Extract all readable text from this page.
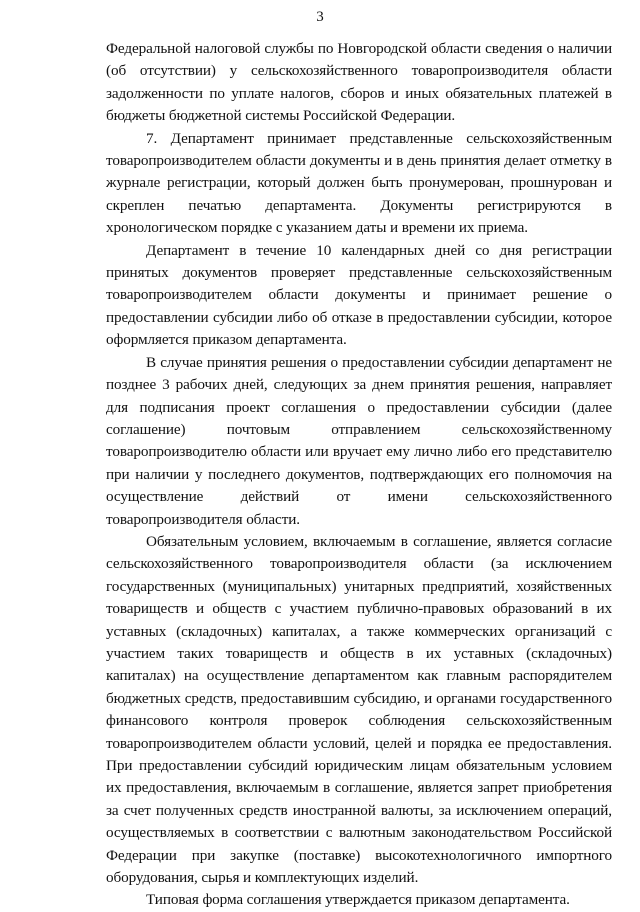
3

Федеральной налоговой службы по Новгородской области сведения о наличии (об отсутствии) у сельскохозяйственного товаропроизводителя области задолженности по уплате налогов, сборов и иных обязательных платежей в бюджеты бюджетной системы Российской Федерации.

7. Департамент принимает представленные сельскохозяйственным товаропроизводителем области документы и в день принятия делает отметку в журнале регистрации, который должен быть пронумерован, прошнурован и скреплен печатью департамента. Документы регистрируются в хронологическом порядке с указанием даты и времени их приема.

Департамент в течение 10 календарных дней со дня регистрации принятых документов проверяет представленные сельскохозяйственным товаропроизводителем области документы и принимает решение о предоставлении субсидии либо об отказе в предоставлении субсидии, которое оформляется приказом департамента.

В случае принятия решения о предоставлении субсидии департамент не позднее 3 рабочих дней, следующих за днем принятия решения, направляет для подписания проект соглашения о предоставлении субсидии (далее соглашение) почтовым отправлением сельскохозяйственному товаропроизводителю области или вручает ему лично либо его представителю при наличии у последнего документов, подтверждающих его полномочия на осуществление действий от имени сельскохозяйственного товаропроизводителя области.

Обязательным условием, включаемым в соглашение, является согласие сельскохозяйственного товаропроизводителя области (за исключением государственных (муниципальных) унитарных предприятий, хозяйственных товариществ и обществ с участием публично-правовых образований в их уставных (складочных) капиталах, а также коммерческих организаций с участием таких товариществ и обществ в их уставных (складочных) капиталах) на осуществление департаментом как главным распорядителем бюджетных средств, предоставившим субсидию, и органами государственного финансового контроля проверок соблюдения сельскохозяйственным товаропроизводителем области условий, целей и порядка ее предоставления. При предоставлении субсидий юридическим лицам обязательным условием их предоставления, включаемым в соглашение, является запрет приобретения за счет полученных средств иностранной валюты, за исключением операций, осуществляемых в соответствии с валютным законодательством Российской Федерации при закупке (поставке) высокотехнологичного импортного оборудования, сырья и комплектующих изделий.

Типовая форма соглашения утверждается приказом департамента.
